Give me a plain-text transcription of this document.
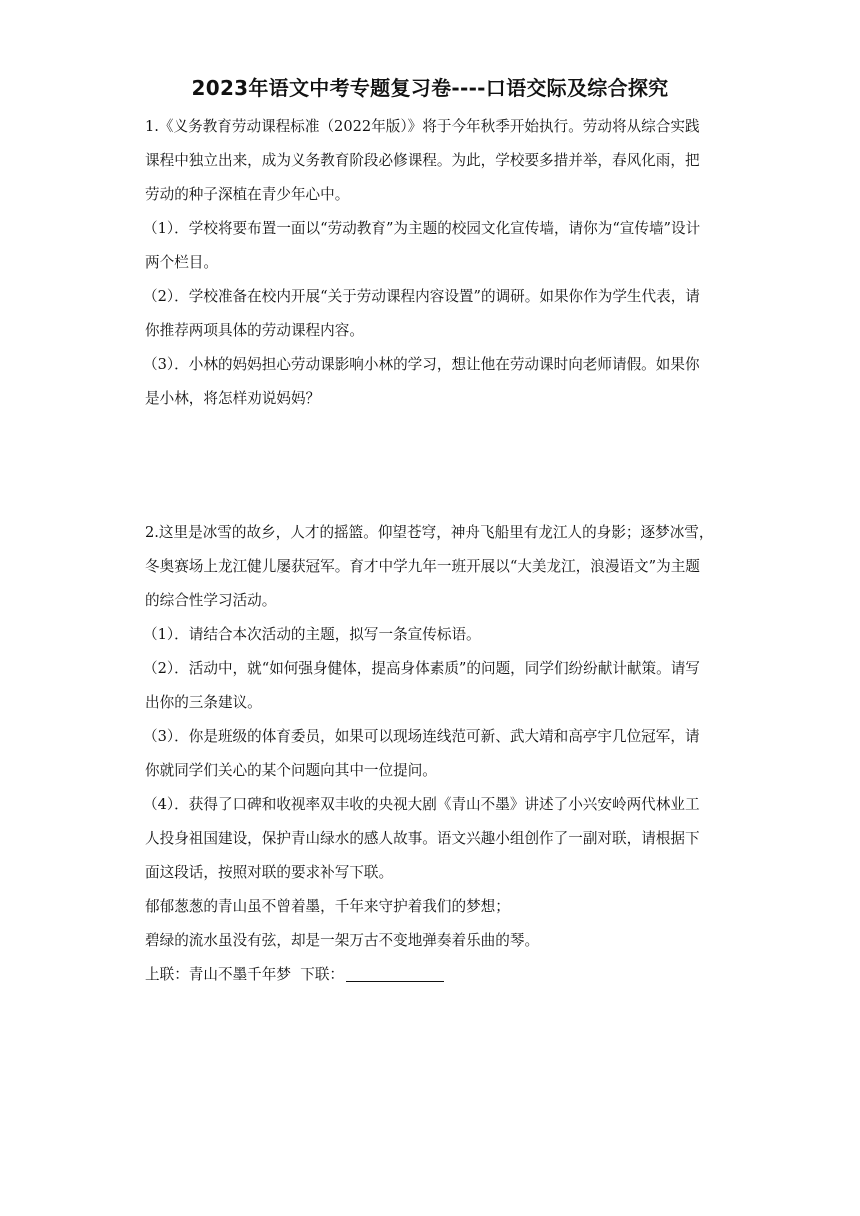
2023年语文中考专题复习卷----口语交际及综合探究
1.《义务教育劳动课程标准（2022年版）》将于今年秋季开始执行。劳动将从综合实践
课程中独立出来，成为义务教育阶段必修课程。为此，学校要多措并举，春风化雨，把
劳动的种子深植在青少年心中。
（1）．学校将要布置一面以“劳动教育”为主题的校园文化宣传墙，请你为“宣传墙”设计
两个栏目。
（2）．学校准备在校内开展“关于劳动课程内容设置”的调研。如果你作为学生代表，请
你推荐两项具体的劳动课程内容。
（3）．小林的妈妈担心劳动课影响小林的学习，想让他在劳动课时向老师请假。如果你
是小林，将怎样劝说妈妈？
2.这里是冰雪的故乡，人才的摇篮。仰望苍穹，神舟飞船里有龙江人的身影；逐梦冰雪，
冬奥赛场上龙江健儿屡获冠军。育才中学九年一班开展以“大美龙江，浪漫语文”为主题
的综合性学习活动。
（1）．请结合本次活动的主题，拟写一条宣传标语。
（2）．活动中，就“如何强身健体，提高身体素质”的问题，同学们纷纷献计献策。请写
出你的三条建议。
（3）．你是班级的体育委员，如果可以现场连线范可新、武大靖和高亭宇几位冠军，请
你就同学们关心的某个问题向其中一位提问。
（4）．获得了口碑和收视率双丰收的央视大剧《青山不墨》讲述了小兴安岭两代林业工
人投身祖国建设，保护青山绿水的感人故事。语文兴趣小组创作了一副对联，请根据下
面这段话，按照对联的要求补写下联。
郁郁葱葱的青山虽不曾着墨，千年来守护着我们的梦想；
碧绿的流水虽没有弦，却是一架万古不变地弹奏着乐曲的琴。
上联：青山不墨千年梦 下联：
